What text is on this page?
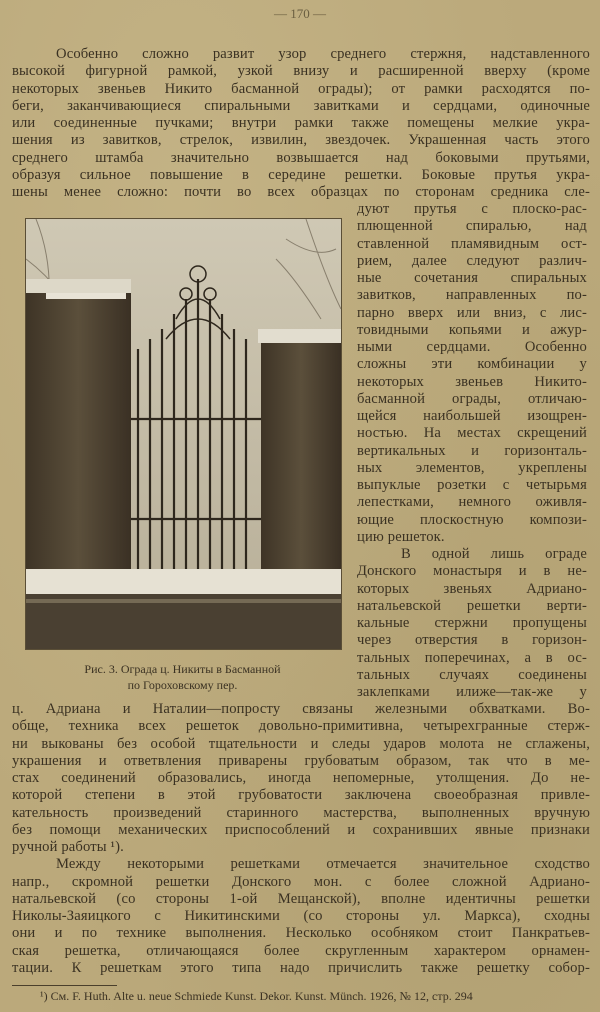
— 170 —
Особенно сложно развит узор среднего стержня, надставленного
высокой фигурной рамкой, узкой внизу и расширенной вверху (кроме
некоторых звеньев Никито басманной ограды); от рамки расходятся по-
беги, заканчивающиеся спиральными завитками и сердцами, одиночные
или соединенные пучками; внутри рамки также помещены мелкие укра-
шения из завитков, стрелок, извилин, звездочек. Украшенная часть этого
среднего штамба значительно возвышается над боковыми прутьями,
образуя сильное повышение в середине решетки. Боковые прутья укра-
шены менее сложно: почти во всех образцах по сторонам средника сле-
дуют прутья с плоско-рас-
плющенной спиралью, над
ставленной пламявидным ост-
рием, далее следуют различ-
ные сочетания спиральных
завитков, направленных по-
парно вверх или вниз, с лис-
товидными копьями и ажур-
ными сердцами. Особенно
сложны эти комбинации у
некоторых звеньев Никито-
басманной ограды, отличаю-
щейся наибольшей изощрен-
ностью. На местах скрещений
вертикальных и горизонталь-
ных элементов, укреплены
выпуклые розетки с четырьмя
лепестками, немного оживля-
ющие плоскостную компози-
цию решеток.
В одной лишь ограде
Донского монастыря и в не-
которых звеньях Адриано-
натальевской решетки верти-
кальные стержни пропущены
через отверстия в горизон-
тальных поперечинах, а в ос-
тальных случаях соединены
заклепками илиже—так-же у
Рис. 3. Ограда ц. Никиты в Басманной
по Гороховскому пер.
ц. Адриана и Наталии—попросту связаны железными обхватками. Во-
обще, техника всех решеток довольно-примитивна, четырехгранные стерж-
ни выкованы без особой тщательности и следы ударов молота не сглажены,
украшения и ответвления приварены грубоватым образом, так что в ме-
стах соединений образовались, иногда непомерные, утолщения. До не-
которой степени в этой грубоватости заключена своеобразная привле-
кательность произведений старинного мастерства, выполненных вручную
без помощи механических приспособлений и сохранивших явные признаки
ручной работы ¹).
Между некоторыми решетками отмечается значительное сходство
напр., скромной решетки Донского мон. с более сложной Адриано-
натальевской (со стороны 1-ой Мещанской), вполне идентичны решетки
Николы-Заяицкого с Никитинскими (со стороны ул. Маркса), сходны
они и по технике выполнения. Несколько особняком стоит Панкратьев-
ская решетка, отличающаяся более скругленным характером орнамен-
тации. К решеткам этого типа надо причислить также решетку собор-
¹) См. F. Huth. Alte u. neue Schmiede Kunst. Dekor. Kunst. Münch. 1926, № 12, стр. 294
